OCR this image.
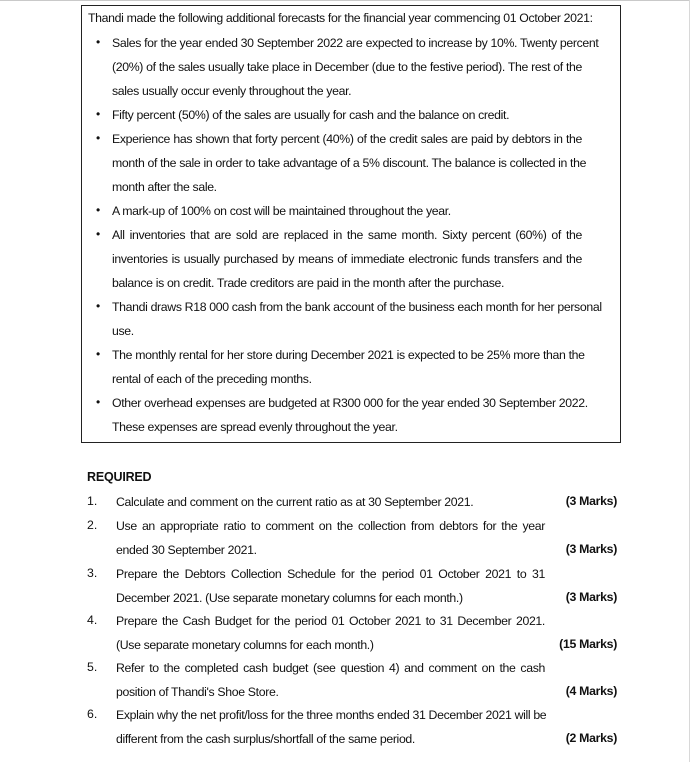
Thandi made the following additional forecasts for the financial year commencing 01 October 2021:
• Sales for the year ended 30 September 2022 are expected to increase by 10%. Twenty percent
(20%) of the sales usually take place in December (due to the festive period). The rest of the
sales usually occur evenly throughout the year.
• Fifty percent (50%) of the sales are usually for cash and the balance on credit.
• Experience has shown that forty percent (40%) of the credit sales are paid by debtors in the
month of the sale in order to take advantage of a 5% discount. The balance is collected in the
month after the sale.
• A mark-up of 100% on cost will be maintained throughout the year.
• All inventories that are sold are replaced in the same month. Sixty percent (60%) of the
inventories is usually purchased by means of immediate electronic funds transfers and the
balance is on credit. Trade creditors are paid in the month after the purchase.
• Thandi draws R18 000 cash from the bank account of the business each month for her personal
use.
• The monthly rental for her store during December 2021 is expected to be 25% more than the
rental of each of the preceding months.
• Other overhead expenses are budgeted at R300 000 for the year ended 30 September 2022.
These expenses are spread evenly throughout the year.
REQUIRED
1. Calculate and comment on the current ratio as at 30 September 2021.	(3 Marks)
2. Use an appropriate ratio to comment on the collection from debtors for the year
ended 30 September 2021.	(3 Marks)
3. Prepare the Debtors Collection Schedule for the period 01 October 2021 to 31
December 2021. (Use separate monetary columns for each month.)	(3 Marks)
4. Prepare the Cash Budget for the period 01 October 2021 to 31 December 2021.
(Use separate monetary columns for each month.)	(15 Marks)
5. Refer to the completed cash budget (see question 4) and comment on the cash
position of Thandi's Shoe Store.	(4 Marks)
6. Explain why the net profit/loss for the three months ended 31 December 2021 will be
different from the cash surplus/shortfall of the same period.	(2 Marks)
